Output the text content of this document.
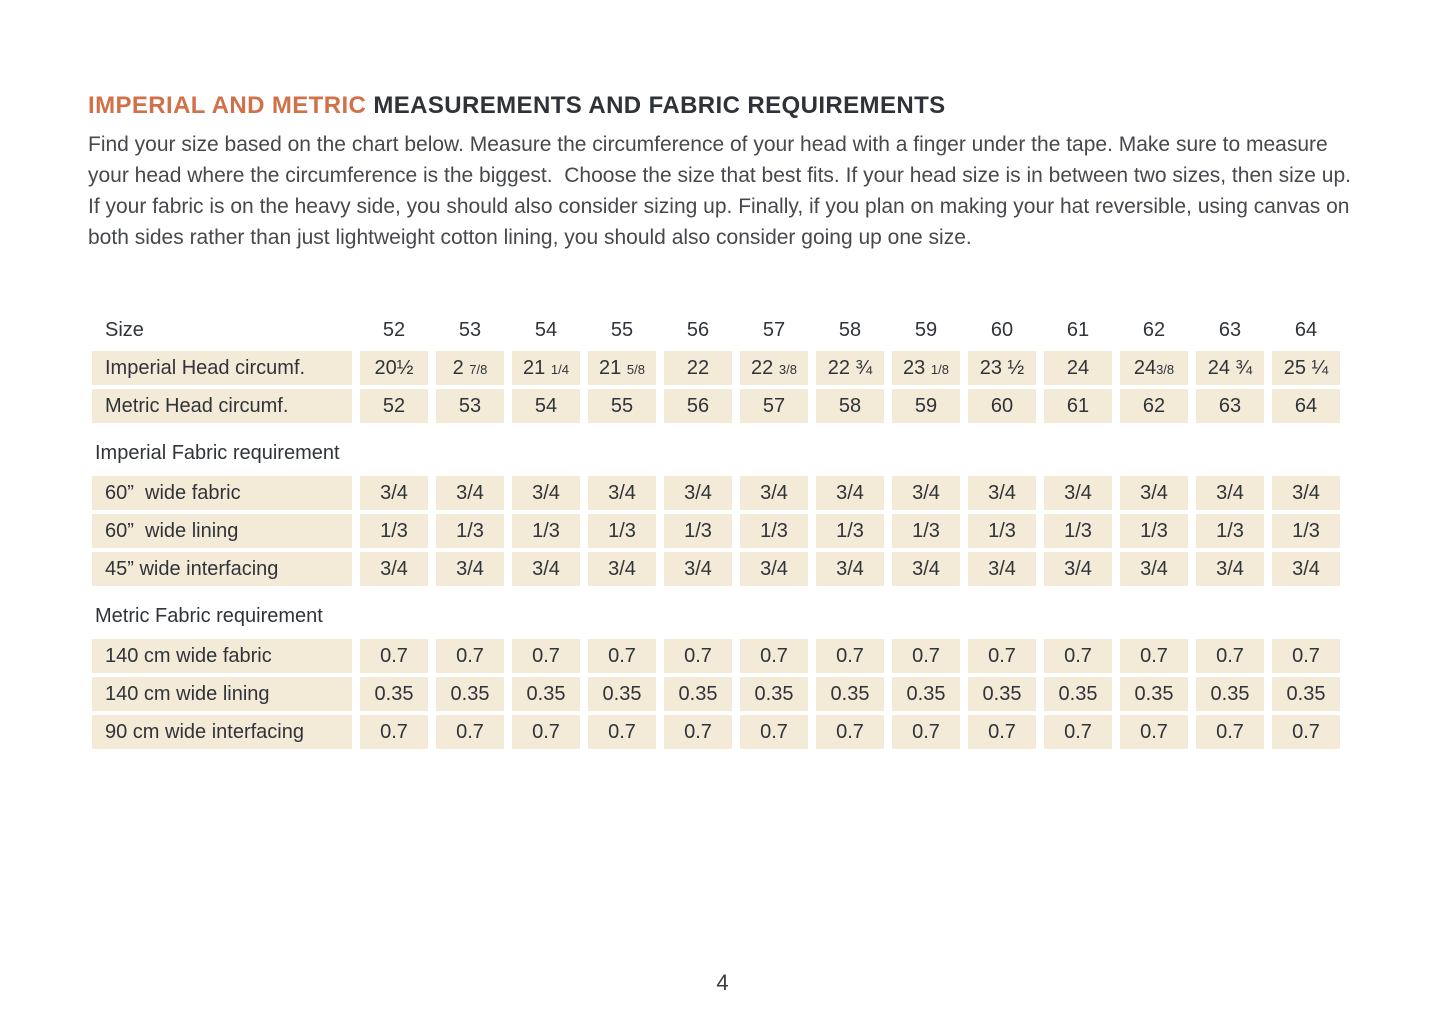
IMPERIAL AND METRIC MEASUREMENTS AND FABRIC REQUIREMENTS

Find your size based on the chart below. Measure the circumference of your head with a finger under the tape. Make sure to measure your head where the circumference is the biggest.  Choose the size that best fits. If your head size is in between two sizes, then size up. If your fabric is on the heavy side, you should also consider sizing up. Finally, if you plan on making your hat reversible, using canvas on both sides rather than just lightweight cotton lining, you should also consider going up one size.

Size	52	53	54	55	56	57	58	59	60	61	62	63	64
Imperial Head circumf.	20½	2 7/8	21 1/4	21 5/8	22	22 3/8	22 ¾	23 1/8	23 ½	24	243/8	24 ¾	25 ¼
Metric Head circumf.	52	53	54	55	56	57	58	59	60	61	62	63	64
Imperial Fabric requirement													
60”  wide fabric	3/4	3/4	3/4	3/4	3/4	3/4	3/4	3/4	3/4	3/4	3/4	3/4	3/4
60”  wide lining	1/3	1/3	1/3	1/3	1/3	1/3	1/3	1/3	1/3	1/3	1/3	1/3	1/3
45” wide interfacing	3/4	3/4	3/4	3/4	3/4	3/4	3/4	3/4	3/4	3/4	3/4	3/4	3/4
Metric Fabric requirement													
140 cm wide fabric	0.7	0.7	0.7	0.7	0.7	0.7	0.7	0.7	0.7	0.7	0.7	0.7	0.7
140 cm wide lining	0.35	0.35	0.35	0.35	0.35	0.35	0.35	0.35	0.35	0.35	0.35	0.35	0.35
90 cm wide interfacing	0.7	0.7	0.7	0.7	0.7	0.7	0.7	0.7	0.7	0.7	0.7	0.7	0.7
4
